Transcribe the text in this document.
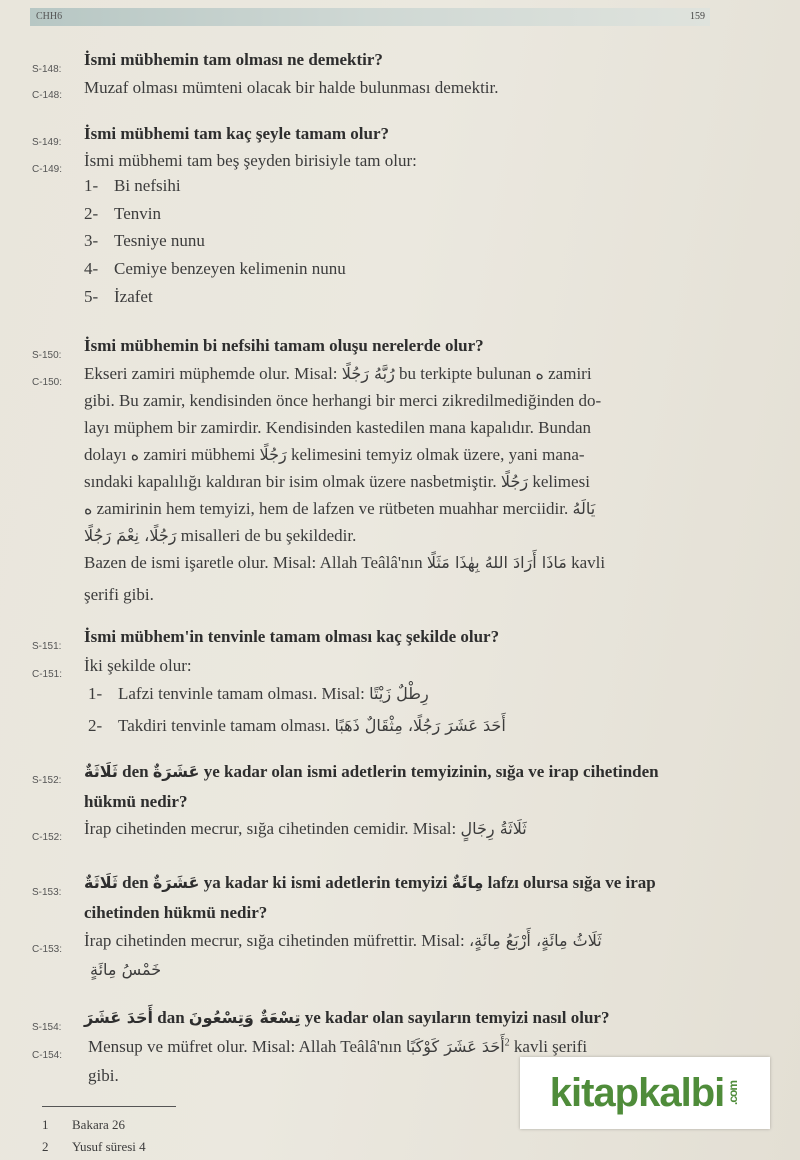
CHH6	159
S-148:
İsmi mübhemin tam olması ne demektir?
C-148: Muzaf olması mümteni olacak bir halde bulunması demektir.
S-149: İsmi mübhemi tam kaç şeyle tamam olur?
C-149: İsmi mübhemi tam beş şeyden birisiyle tam olur:
1- Bi nefsihi
2- Tenvin
3- Tesniye nunu
4- Cemiye benzeyen kelimenin nunu
5- İzafet
S-150:
İsmi mübhemin bi nefsihi tamam oluşu nerelerde olur?
C-150: Ekseri zamiri müphemde olur. Misal: رُبَّهُ رَجُلًا bu terkipte bulunan ه zamiri
gibi. Bu zamir, kendisinden önce herhangi bir merci zikredilmediğinden do-
layı müphem bir zamirdir. Kendisinden kastedilen mana kapalıdır. Bundan
dolayı ه zamiri mübhemi رَجُلًا kelimesini temyiz olmak üzere, yani mana-
sındaki kapalılığı kaldıran bir isim olmak üzere nasbetmiştir. رَجُلًا kelimesi
ه zamirinin hem temyizi, hem de lafzen ve rütbeten muahhar merciidir. يَالَهُ
رَجُلًا، نِعْمَ رَجُلًا misalleri de bu şekildedir.
Bazen de ismi işaretle olur. Misal: Allah Teâlâ'nın مَاذَا أَرَادَ اللهُ بِهٰذَا مَثَلًا kavli
şerifi gibi.
S-151:
İsmi mübhem'in tenvinle tamam olması kaç şekilde olur?
C-151: İki şekilde olur:
1- Lafzi tenvinle tamam olması. Misal: رِطْلٌ زَيْتًا
2- Takdiri tenvinle tamam olması. أَحَدَ عَشَرَ رَجُلًا، مِثْقَالٌ ذَهَبًا
S-152: ثَلَاثَةٌ den عَشَرَةٌ ye kadar olan ismi adetlerin temyizinin, sığa ve irap cihetinden
hükmü nedir?
C-152: İrap cihetinden mecrur, sığa cihetinden cemidir. Misal: ثَلَاثَةُ رِجَالٍ
S-153:
ثَلَاثَةٌ den عَشَرَةٌ ya kadar ki ismi adetlerin temyizi مِائَةٌ lafzı olursa sığa ve irap
cihetinden hükmü nedir?
C-153: İrap cihetinden mecrur, sığa cihetinden müfrettir. Misal: ثَلَاثُ مِائَةٍ، أَرْبَعُ مِائَةٍ،
خَمْسُ مِائَةٍ
S-154:
أَحَدَ عَشَرَ dan تِسْعَةٌ وَتِسْعُونَ ye kadar olan sayıların temyizi nasıl olur?
C-154: Mensup ve müfret olur. Misal: Allah Teâlâ'nın أَحَدَ عَشَرَ كَوْكَبًا$^2$ kavli şerifi
gibi.
1 Bakara 26
2 Yusuf süresi 4
kitapkalbi .com
